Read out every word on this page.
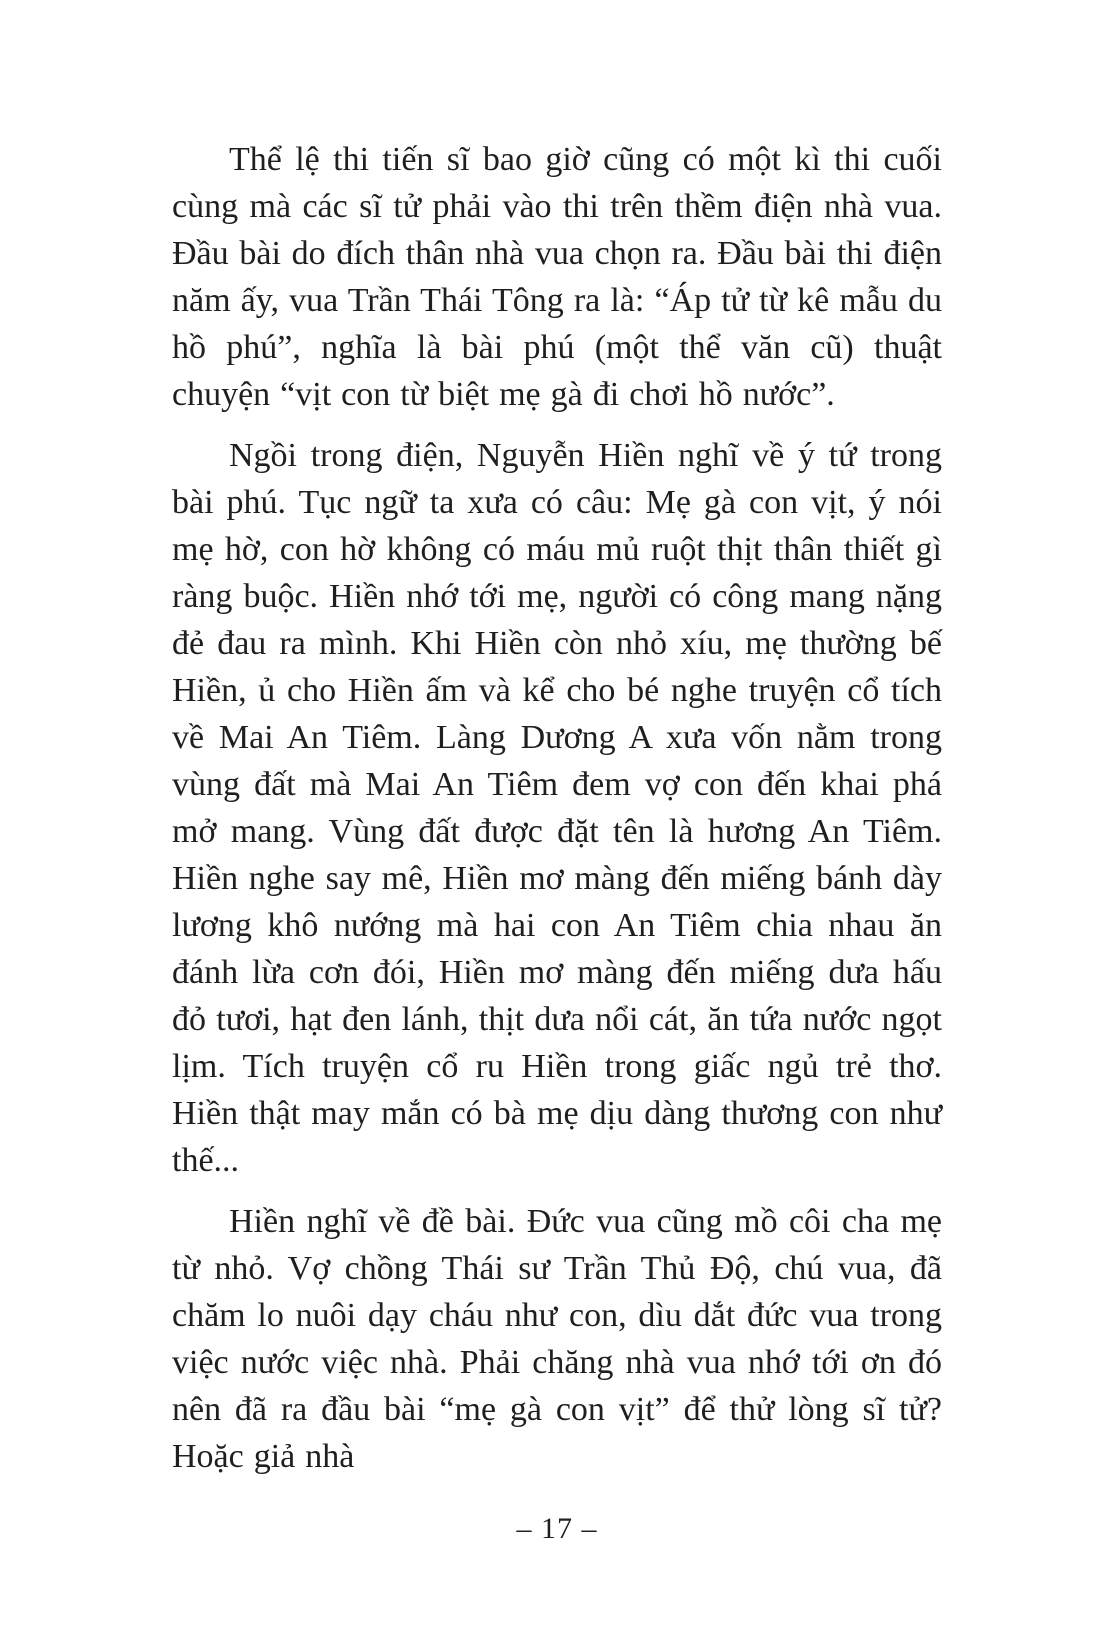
Thể lệ thi tiến sĩ bao giờ cũng có một kì thi cuối cùng mà các sĩ tử phải vào thi trên thềm điện nhà vua. Đầu bài do đích thân nhà vua chọn ra. Đầu bài thi điện năm ấy, vua Trần Thái Tông ra là: “Áp tử từ kê mẫu du hồ phú”, nghĩa là bài phú (một thể văn cũ) thuật chuyện “vịt con từ biệt mẹ gà đi chơi hồ nước”.

Ngồi trong điện, Nguyễn Hiền nghĩ về ý tứ trong bài phú. Tục ngữ ta xưa có câu: Mẹ gà con vịt, ý nói mẹ hờ, con hờ không có máu mủ ruột thịt thân thiết gì ràng buộc. Hiền nhớ tới mẹ, người có công mang nặng đẻ đau ra mình. Khi Hiền còn nhỏ xíu, mẹ thường bế Hiền, ủ cho Hiền ấm và kể cho bé nghe truyện cổ tích về Mai An Tiêm. Làng Dương A xưa vốn nằm trong vùng đất mà Mai An Tiêm đem vợ con đến khai phá mở mang. Vùng đất được đặt tên là hương An Tiêm. Hiền nghe say mê, Hiền mơ màng đến miếng bánh dày lương khô nướng mà hai con An Tiêm chia nhau ăn đánh lừa cơn đói, Hiền mơ màng đến miếng dưa hấu đỏ tươi, hạt đen lánh, thịt dưa nổi cát, ăn tứa nước ngọt lịm. Tích truyện cổ ru Hiền trong giấc ngủ trẻ thơ. Hiền thật may mắn có bà mẹ dịu dàng thương con như thế...

Hiền nghĩ về đề bài. Đức vua cũng mồ côi cha mẹ từ nhỏ. Vợ chồng Thái sư Trần Thủ Độ, chú vua, đã chăm lo nuôi dạy cháu như con, dìu dắt đức vua trong việc nước việc nhà. Phải chăng nhà vua nhớ tới ơn đó nên đã ra đầu bài “mẹ gà con vịt” để thử lòng sĩ tử? Hoặc giả nhà

– 17 –
